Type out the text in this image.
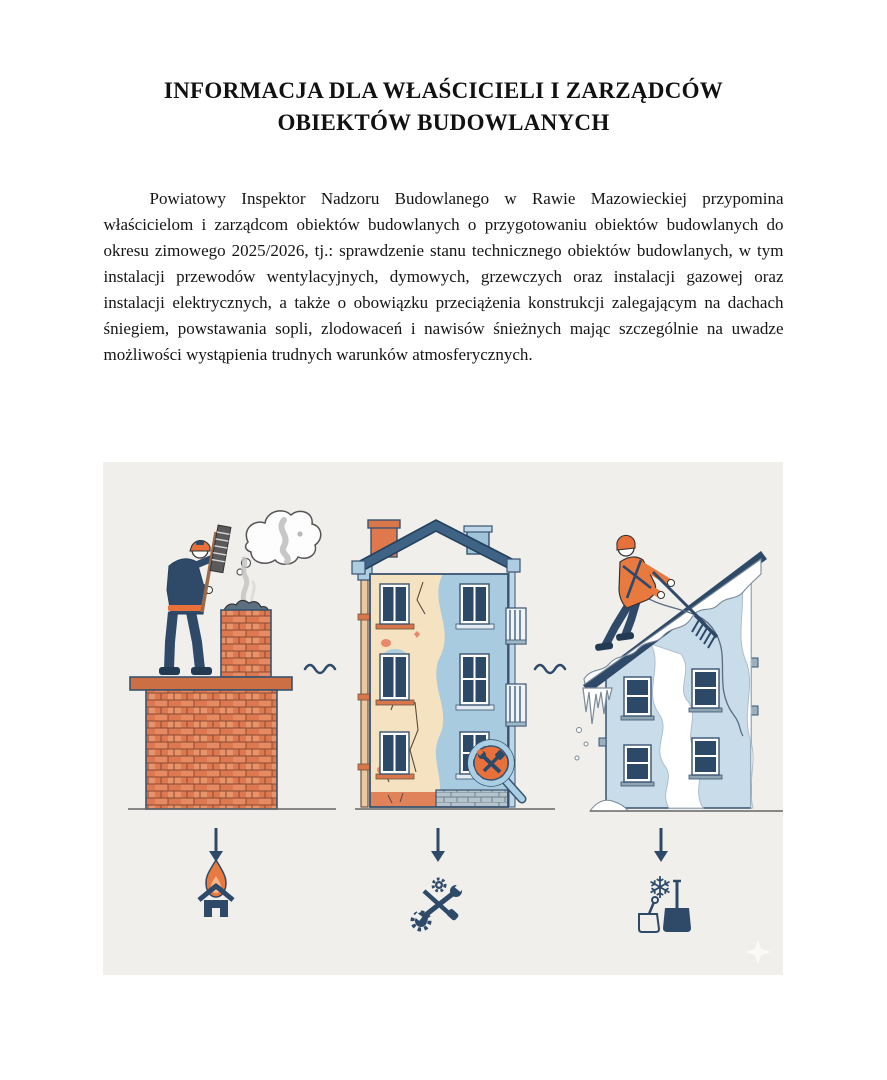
INFORMACJA DLA WŁAŚCICIELI I ZARZĄDCÓW
OBIEKTÓW BUDOWLANYCH

Powiatowy Inspektor Nadzoru Budowlanego w Rawie Mazowieckiej przypomina właścicielom i zarządcom obiektów budowlanych o przygotowaniu obiektów budowlanych do okresu zimowego 2025/2026, tj.: sprawdzenie stanu technicznego obiektów budowlanych, w tym instalacji przewodów wentylacyjnych, dymowych, grzewczych oraz instalacji gazowej oraz instalacji elektrycznych, a także o obowiązku przeciążenia konstrukcji zalegającym na dachach śniegiem, powstawania sopli, zlodowaceń i nawisów śnieżnych mając szczególnie na uwadze możliwości wystąpienia trudnych warunków atmosferycznych.

❄
